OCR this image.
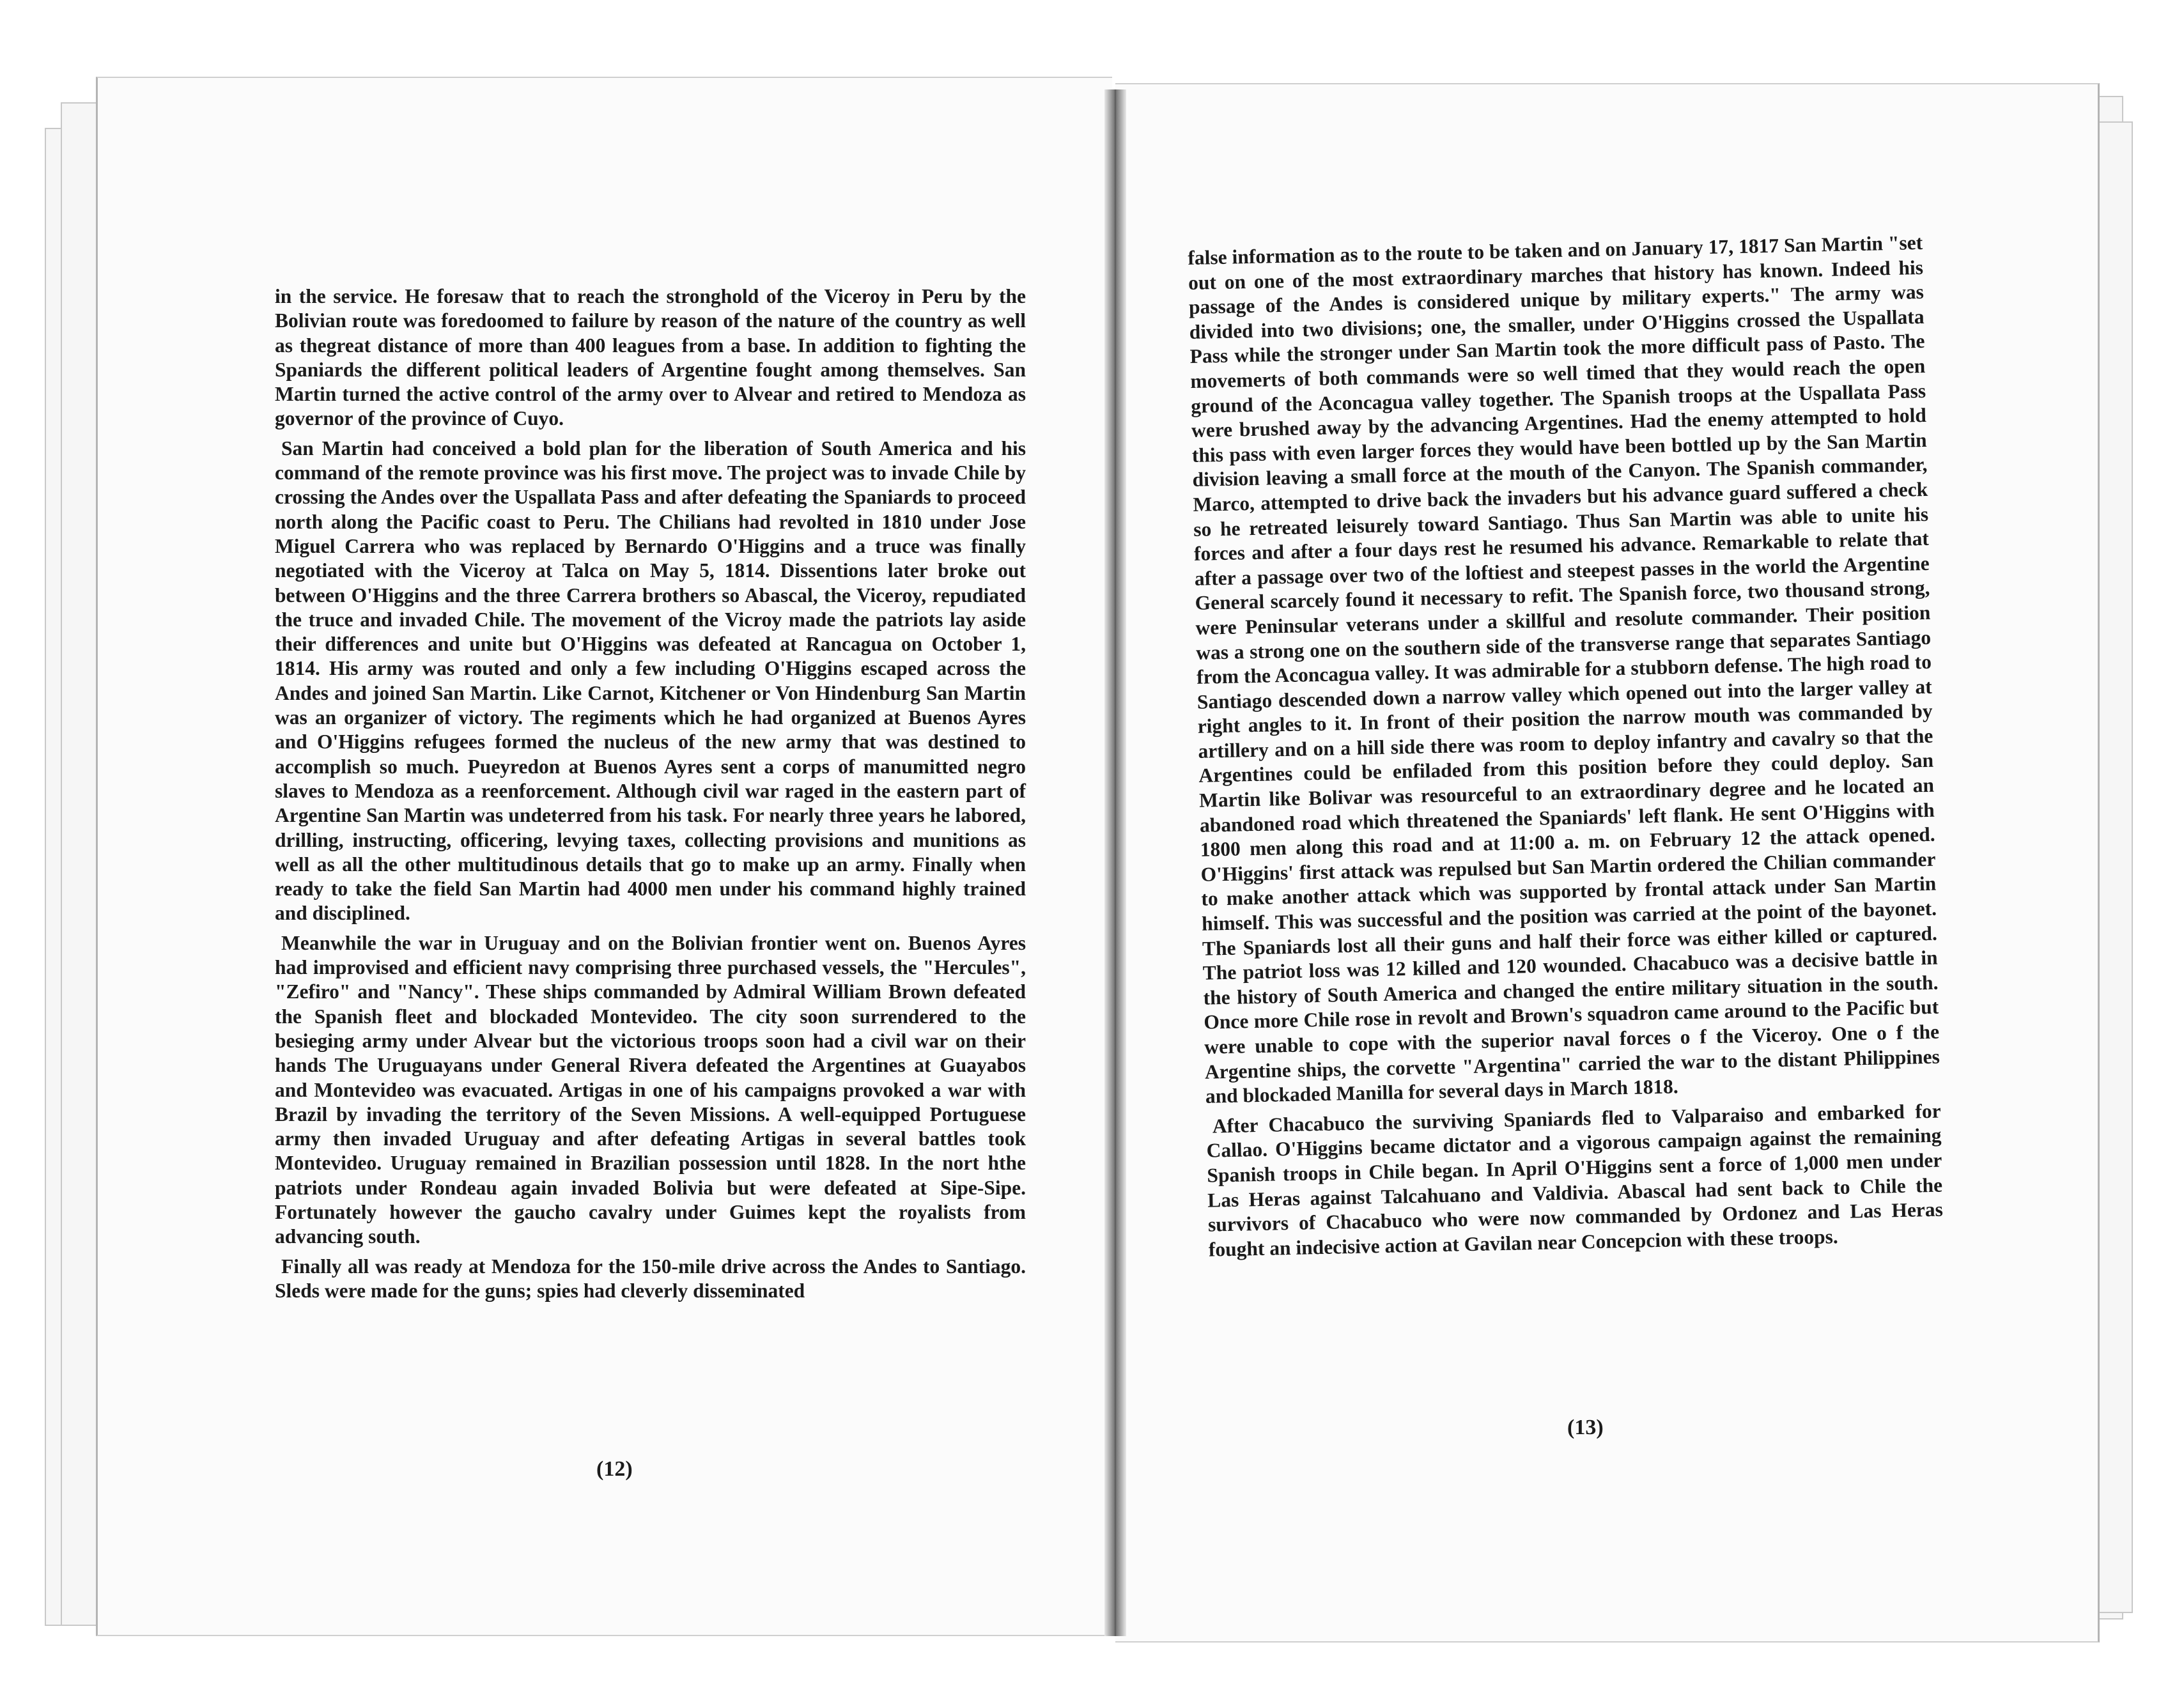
in the service. He foresaw that to reach the stronghold of the Viceroy in Peru by the Bolivian route was foredoomed to failure by reason of the nature of the country as well as thegreat distance of more than 400 leagues from a base. In addition to fighting the Spaniards the different political leaders of Argentine fought among themselves. San Martin turned the active control of the army over to Alvear and retired to Mendoza as governor of the province of Cuyo.

San Martin had conceived a bold plan for the liberation of South America and his command of the remote province was his first move. The project was to invade Chile by crossing the Andes over the Uspallata Pass and after defeating the Spaniards to proceed north along the Pacific coast to Peru. The Chilians had revolted in 1810 under Jose Miguel Carrera who was replaced by Bernardo O'Higgins and a truce was finally negotiated with the Viceroy at Talca on May 5, 1814. Dissentions later broke out between O'Higgins and the three Carrera brothers so Abascal, the Viceroy, repudiated the truce and invaded Chile. The movement of the Vicroy made the patriots lay aside their differences and unite but O'Higgins was defeated at Rancagua on October 1, 1814. His army was routed and only a few including O'Higgins escaped across the Andes and joined San Martin. Like Carnot, Kitchener or Von Hindenburg San Martin was an organizer of victory. The regiments which he had organized at Buenos Ayres and O'Higgins refugees formed the nucleus of the new army that was destined to accomplish so much. Pueyredon at Buenos Ayres sent a corps of manumitted negro slaves to Mendoza as a reenforcement. Although civil war raged in the eastern part of Argentine San Martin was undeterred from his task. For nearly three years he labored, drilling, instructing, officering, levying taxes, collecting provisions and munitions as well as all the other multitudinous details that go to make up an army. Finally when ready to take the field San Martin had 4000 men under his command highly trained and disciplined.

Meanwhile the war in Uruguay and on the Bolivian frontier went on. Buenos Ayres had improvised and efficient navy comprising three purchased vessels, the "Hercules", "Zefiro" and "Nancy". These ships commanded by Admiral William Brown defeated the Spanish fleet and blockaded Montevideo. The city soon surrendered to the besieging army under Alvear but the victorious troops soon had a civil war on their hands The Uruguayans under General Rivera defeated the Argentines at Guayabos and Montevideo was evacuated. Artigas in one of his campaigns provoked a war with Brazil by invading the territory of the Seven Missions. A well-equipped Portuguese army then invaded Uruguay and after defeating Artigas in several battles took Montevideo. Uruguay remained in Brazilian possession until 1828. In the nort hthe patriots under Rondeau again invaded Bolivia but were defeated at Sipe-Sipe. Fortunately however the gaucho cavalry under Guimes kept the royalists from advancing south.

Finally all was ready at Mendoza for the 150-mile drive across the Andes to Santiago. Sleds were made for the guns; spies had cleverly disseminated

(12)

false information as to the route to be taken and on January 17, 1817 San Martin "set out on one of the most extraordinary marches that history has known. Indeed his passage of the Andes is considered unique by military experts." The army was divided into two divisions; one, the smaller, under O'Higgins crossed the Uspallata Pass while the stronger under San Martin took the more difficult pass of Pasto. The movemerts of both commands were so well timed that they would reach the open ground of the Aconcagua valley together. The Spanish troops at the Uspallata Pass were brushed away by the advancing Argentines. Had the enemy attempted to hold this pass with even larger forces they would have been bottled up by the San Martin division leaving a small force at the mouth of the Canyon. The Spanish commander, Marco, attempted to drive back the invaders but his advance guard suffered a check so he retreated leisurely toward Santiago. Thus San Martin was able to unite his forces and after a four days rest he resumed his advance. Remarkable to relate that after a passage over two of the loftiest and steepest passes in the world the Argentine General scarcely found it necessary to refit. The Spanish force, two thousand strong, were Peninsular veterans under a skillful and resolute commander. Their position was a strong one on the southern side of the transverse range that separates Santiago from the Aconcagua valley. It was admirable for a stubborn defense. The high road to Santiago descended down a narrow valley which opened out into the larger valley at right angles to it. In front of their position the narrow mouth was commanded by artillery and on a hill side there was room to deploy infantry and cavalry so that the Argentines could be enfiladed from this position before they could deploy. San Martin like Bolivar was resourceful to an extraordinary degree and he located an abandoned road which threatened the Spaniards' left flank. He sent O'Higgins with 1800 men along this road and at 11:00 a. m. on February 12 the attack opened. O'Higgins' first attack was repulsed but San Martin ordered the Chilian commander to make another attack which was supported by frontal attack under San Martin himself. This was successful and the position was carried at the point of the bayonet. The Spaniards lost all their guns and half their force was either killed or captured. The patriot loss was 12 killed and 120 wounded. Chacabuco was a decisive battle in the history of South America and changed the entire military situation in the south. Once more Chile rose in revolt and Brown's squadron came around to the Pacific but were unable to cope with the superior naval forces o f the Viceroy. One o f the Argentine ships, the corvette "Argentina" carried the war to the distant Philippines and blockaded Manilla for several days in March 1818.

After Chacabuco the surviving Spaniards fled to Valparaiso and embarked for Callao. O'Higgins became dictator and a vigorous campaign against the remaining Spanish troops in Chile began. In April O'Higgins sent a force of 1,000 men under Las Heras against Talcahuano and Valdivia. Abascal had sent back to Chile the survivors of Chacabuco who were now commanded by Ordonez and Las Heras fought an indecisive action at Gavilan near Concepcion with these troops.

(13)
